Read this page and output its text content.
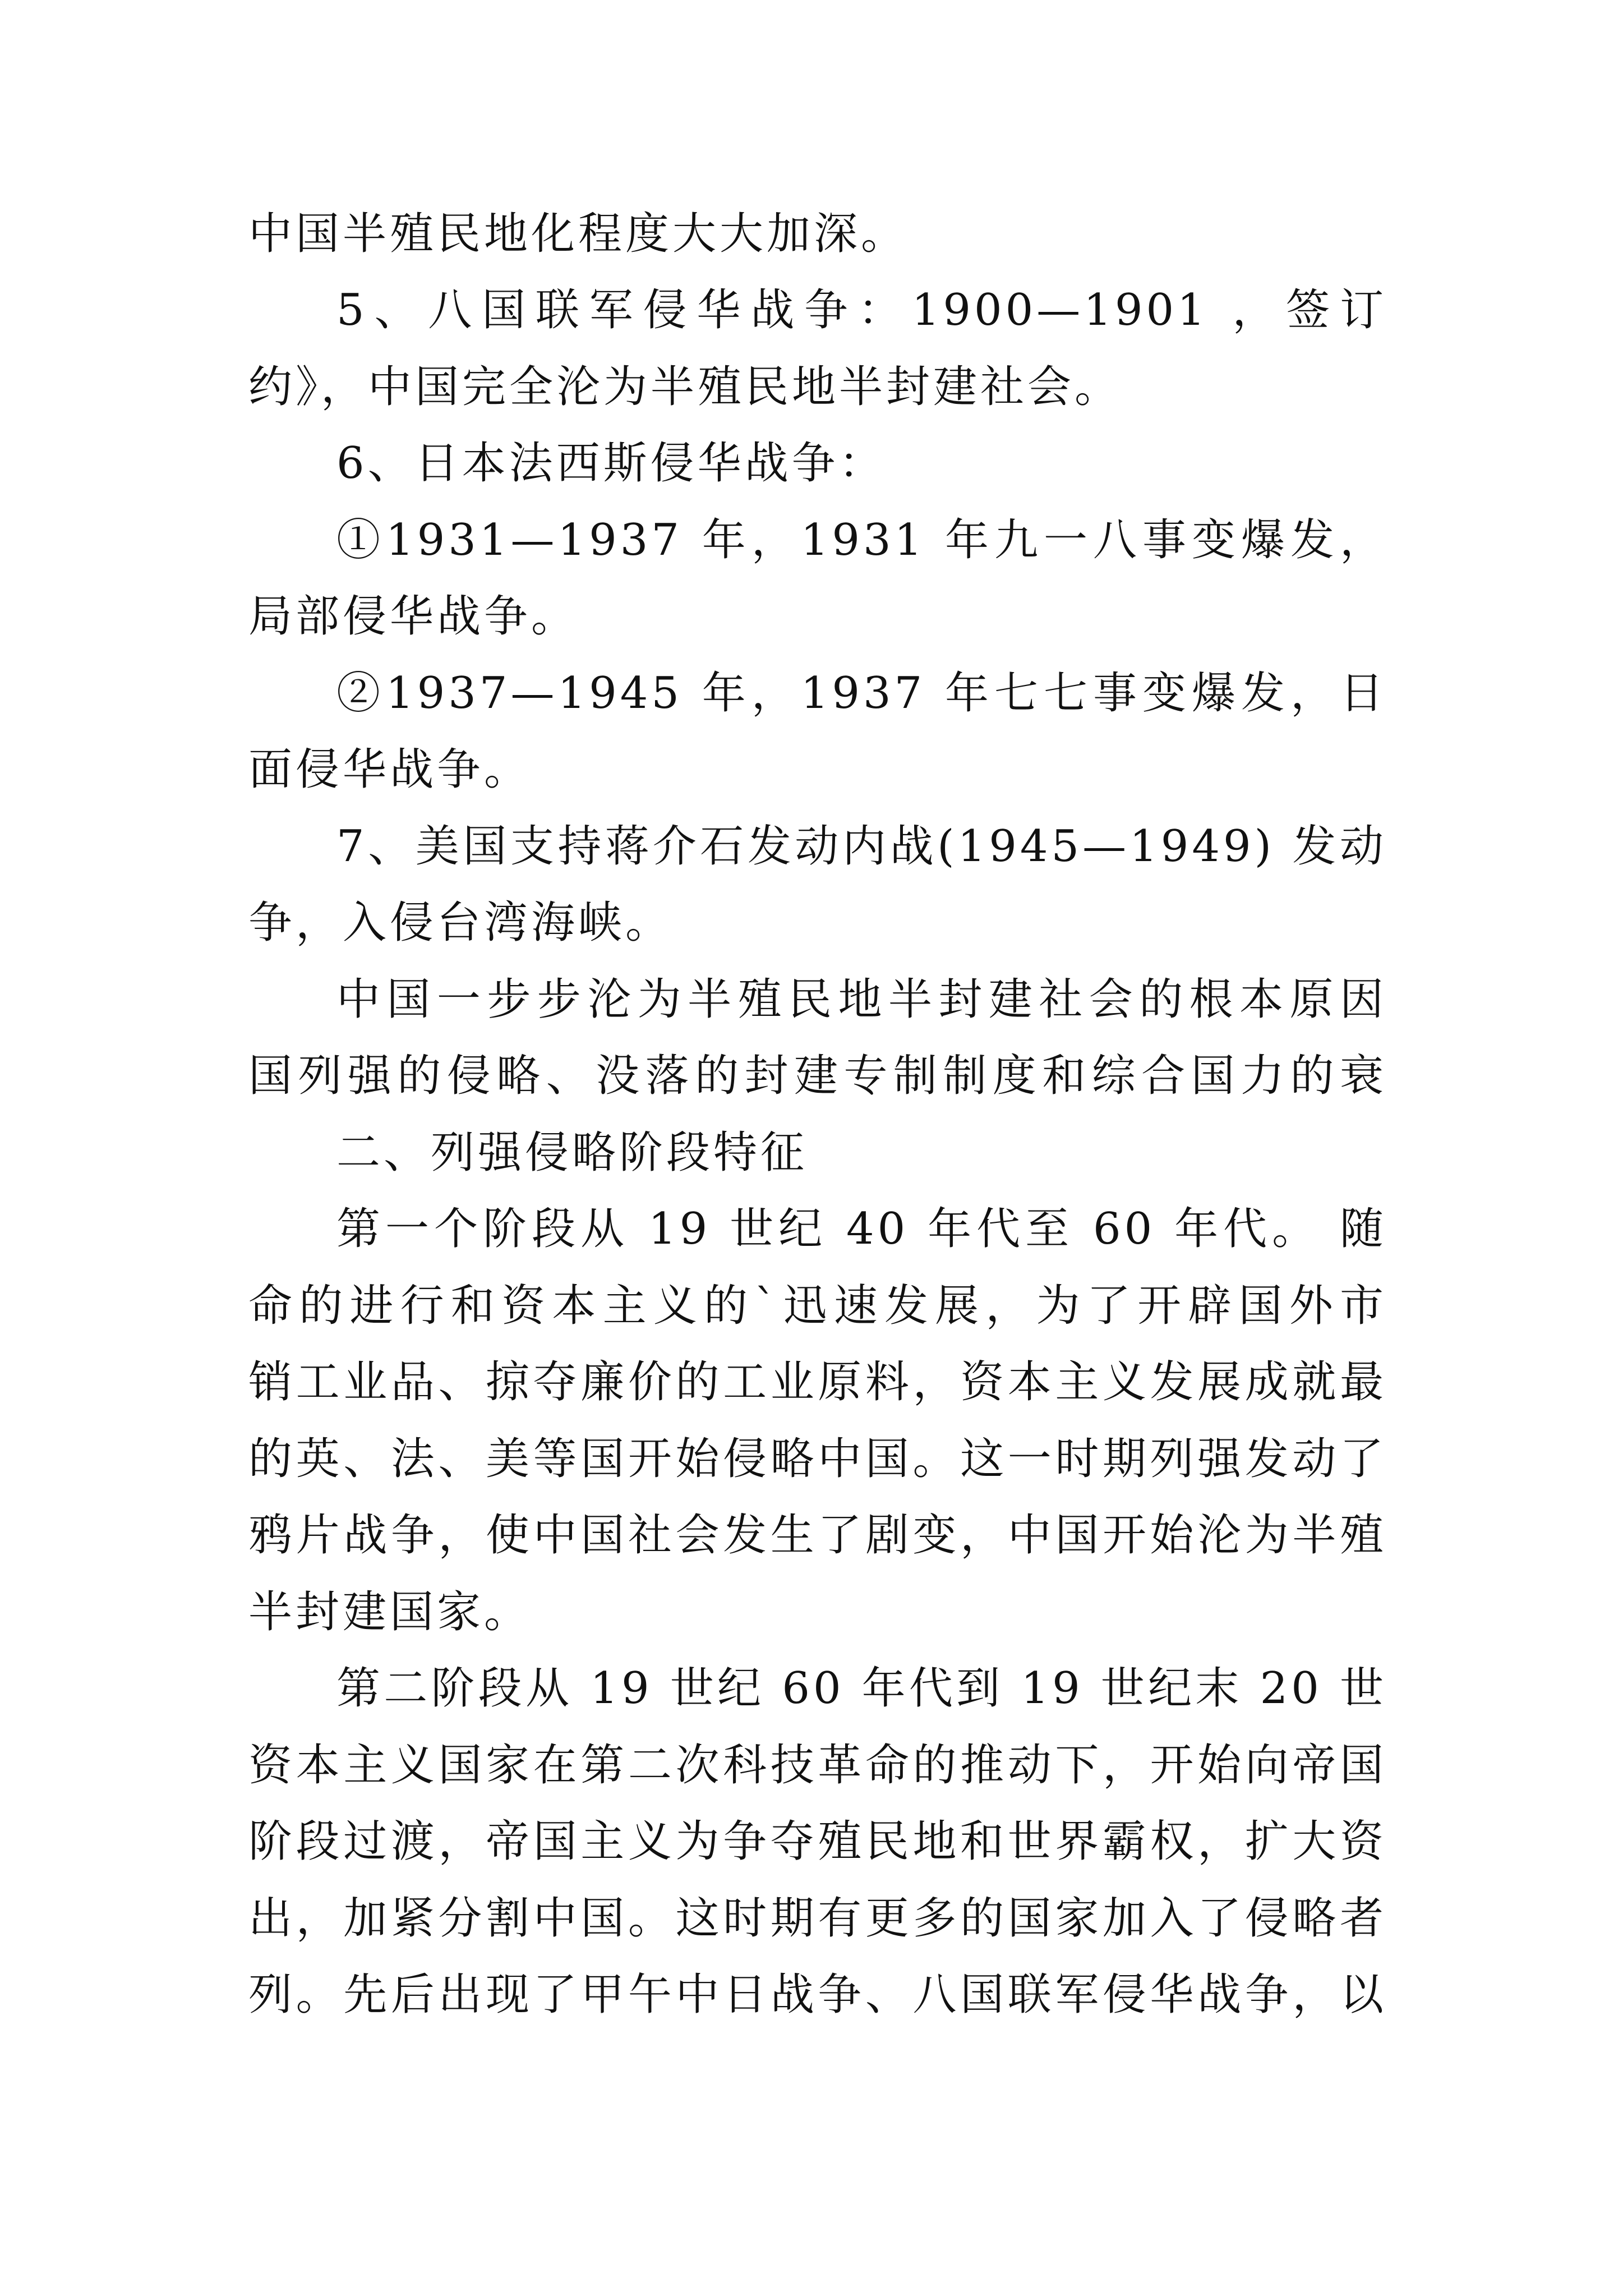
中国半殖民地化程度大大加深。
5、八国联军侵华战争：1900—1901 ，签订
约》，中国完全沦为半殖民地半封建社会。
6、日本法西斯侵华战争：
①1931—1937 年，1931 年九一八事变爆发，
局部侵华战争。
②1937—1945 年，1937 年七七事变爆发，日
面侵华战争。
7、美国支持蒋介石发动内战(1945—1949) 发动
争，入侵台湾海峡。
中国一步步沦为半殖民地半封建社会的根本原因
国列强的侵略、没落的封建专制制度和综合国力的衰
二、列强侵略阶段特征
第一个阶段从 19 世纪 40 年代至 60 年代。 随
命的进行和资本主义的`迅速发展，为了开辟国外市
销工业品、掠夺廉价的工业原料，资本主义发展成就最
的英、法、美等国开始侵略中国。这一时期列强发动了
鸦片战争，使中国社会发生了剧变，中国开始沦为半殖
半封建国家。
第二阶段从 19 世纪 60 年代到 19 世纪末 20 世
资本主义国家在第二次科技革命的推动下，开始向帝国
阶段过渡，帝国主义为争夺殖民地和世界霸权，扩大资
出，加紧分割中国。这时期有更多的国家加入了侵略者
列。先后出现了甲午中日战争、八国联军侵华战争，以
